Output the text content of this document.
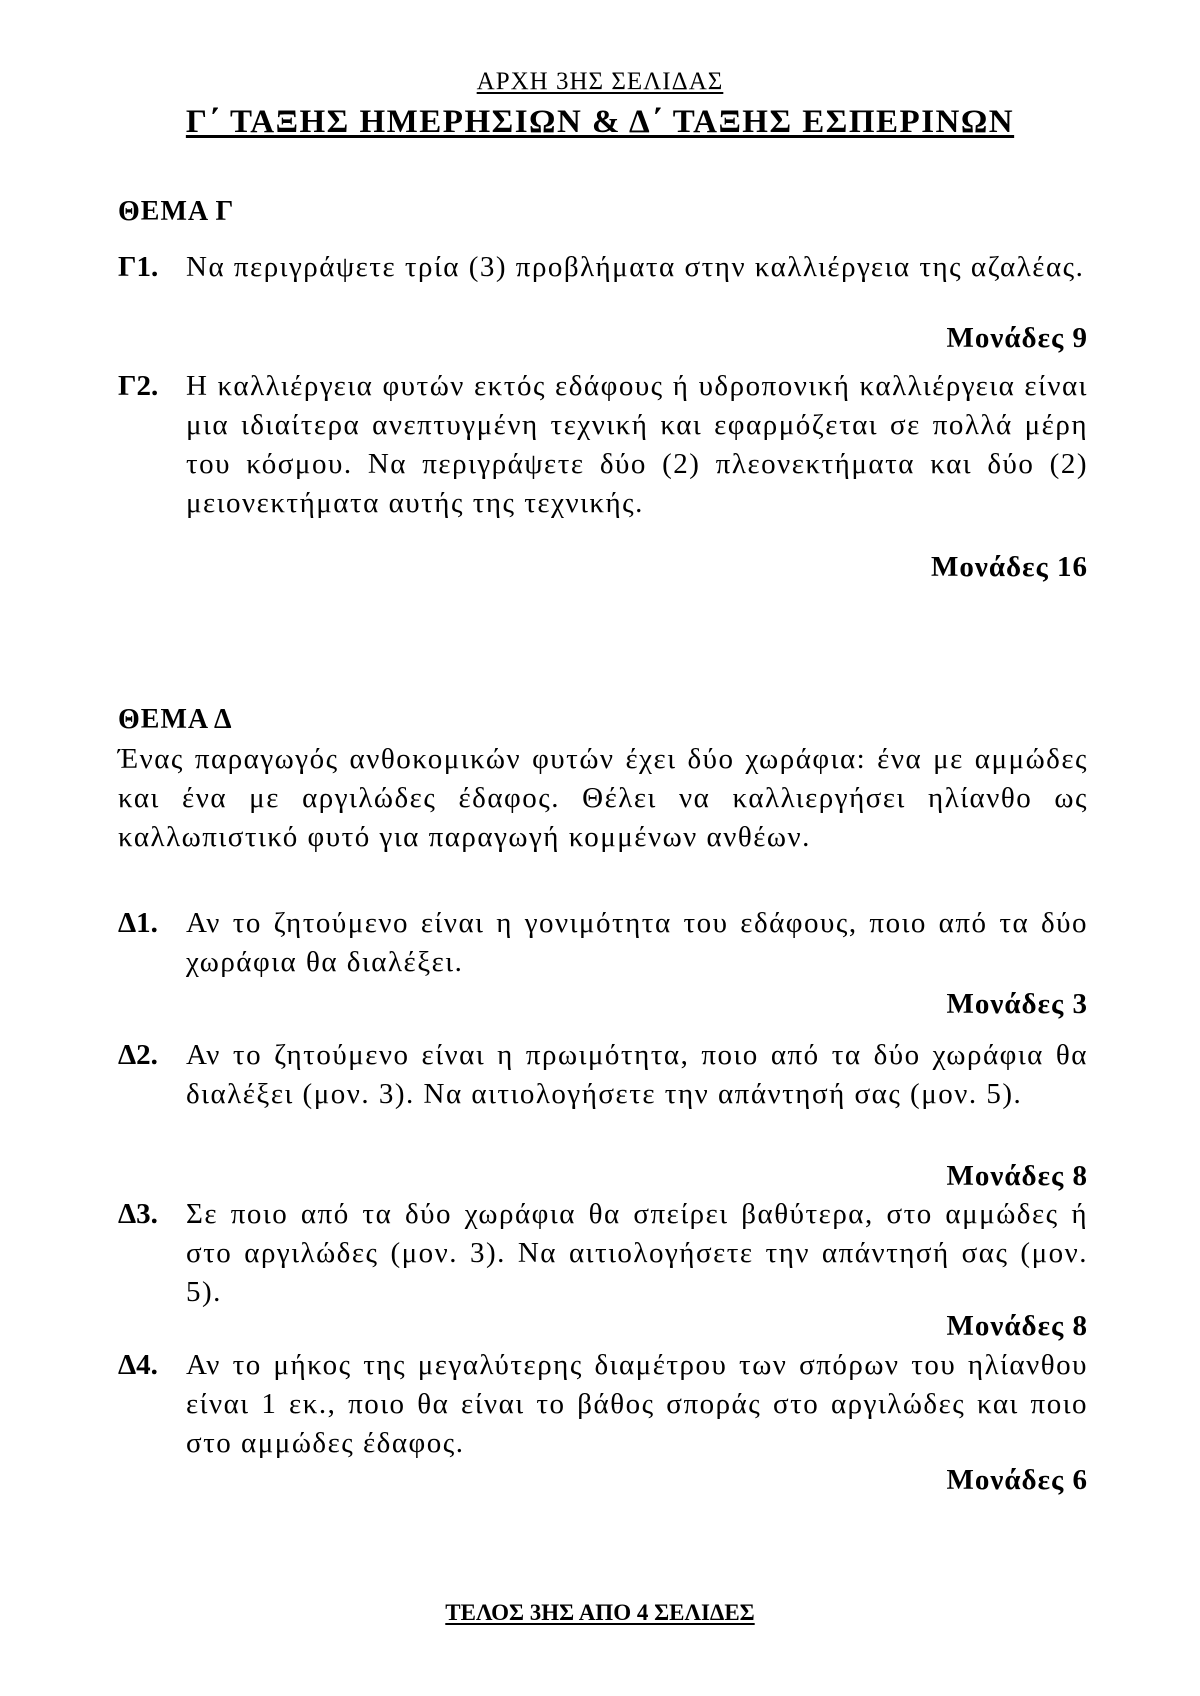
ΑΡΧΗ 3ΗΣ ΣΕΛΙΔΑΣ
Γ΄ ΤΑΞΗΣ ΗΜΕΡΗΣΙΩΝ & Δ΄ ΤΑΞΗΣ ΕΣΠΕΡΙΝΩΝ
ΘΕΜΑ Γ
Γ1. Να περιγράψετε τρία (3) προβλήματα στην καλλιέργεια της αζαλέας.
Μονάδες 9
Γ2. Η καλλιέργεια φυτών εκτός εδάφους ή υδροπονική καλλιέργεια είναι μια ιδιαίτερα ανεπτυγμένη τεχνική και εφαρμόζεται σε πολλά μέρη του κόσμου. Να περιγράψετε δύο (2) πλεονεκτήματα και δύο (2) μειονεκτήματα αυτής της τεχνικής.
Μονάδες 16
ΘΕΜΑ Δ
Ένας παραγωγός ανθοκομικών φυτών έχει δύο χωράφια: ένα με αμμώδες και ένα με αργιλώδες έδαφος. Θέλει να καλλιεργήσει ηλίανθο ως καλλωπιστικό φυτό για παραγωγή κομμένων ανθέων.
Δ1. Αν το ζητούμενο είναι η γονιμότητα του εδάφους, ποιο από τα δύο χωράφια θα διαλέξει.
Μονάδες 3
Δ2. Αν το ζητούμενο είναι η πρωιμότητα, ποιο από τα δύο χωράφια θα διαλέξει (μον. 3). Να αιτιολογήσετε την απάντησή σας (μον. 5).
Μονάδες 8
Δ3. Σε ποιο από τα δύο χωράφια θα σπείρει βαθύτερα, στο αμμώδες ή στο αργιλώδες (μον. 3). Να αιτιολογήσετε την απάντησή σας (μον. 5).
Μονάδες 8
Δ4. Αν το μήκος της μεγαλύτερης διαμέτρου των σπόρων του ηλίανθου είναι 1 εκ., ποιο θα είναι το βάθος σποράς στο αργιλώδες και ποιο στο αμμώδες έδαφος.
Μονάδες 6
ΤΕΛΟΣ 3ΗΣ ΑΠΟ 4 ΣΕΛΙΔΕΣ
